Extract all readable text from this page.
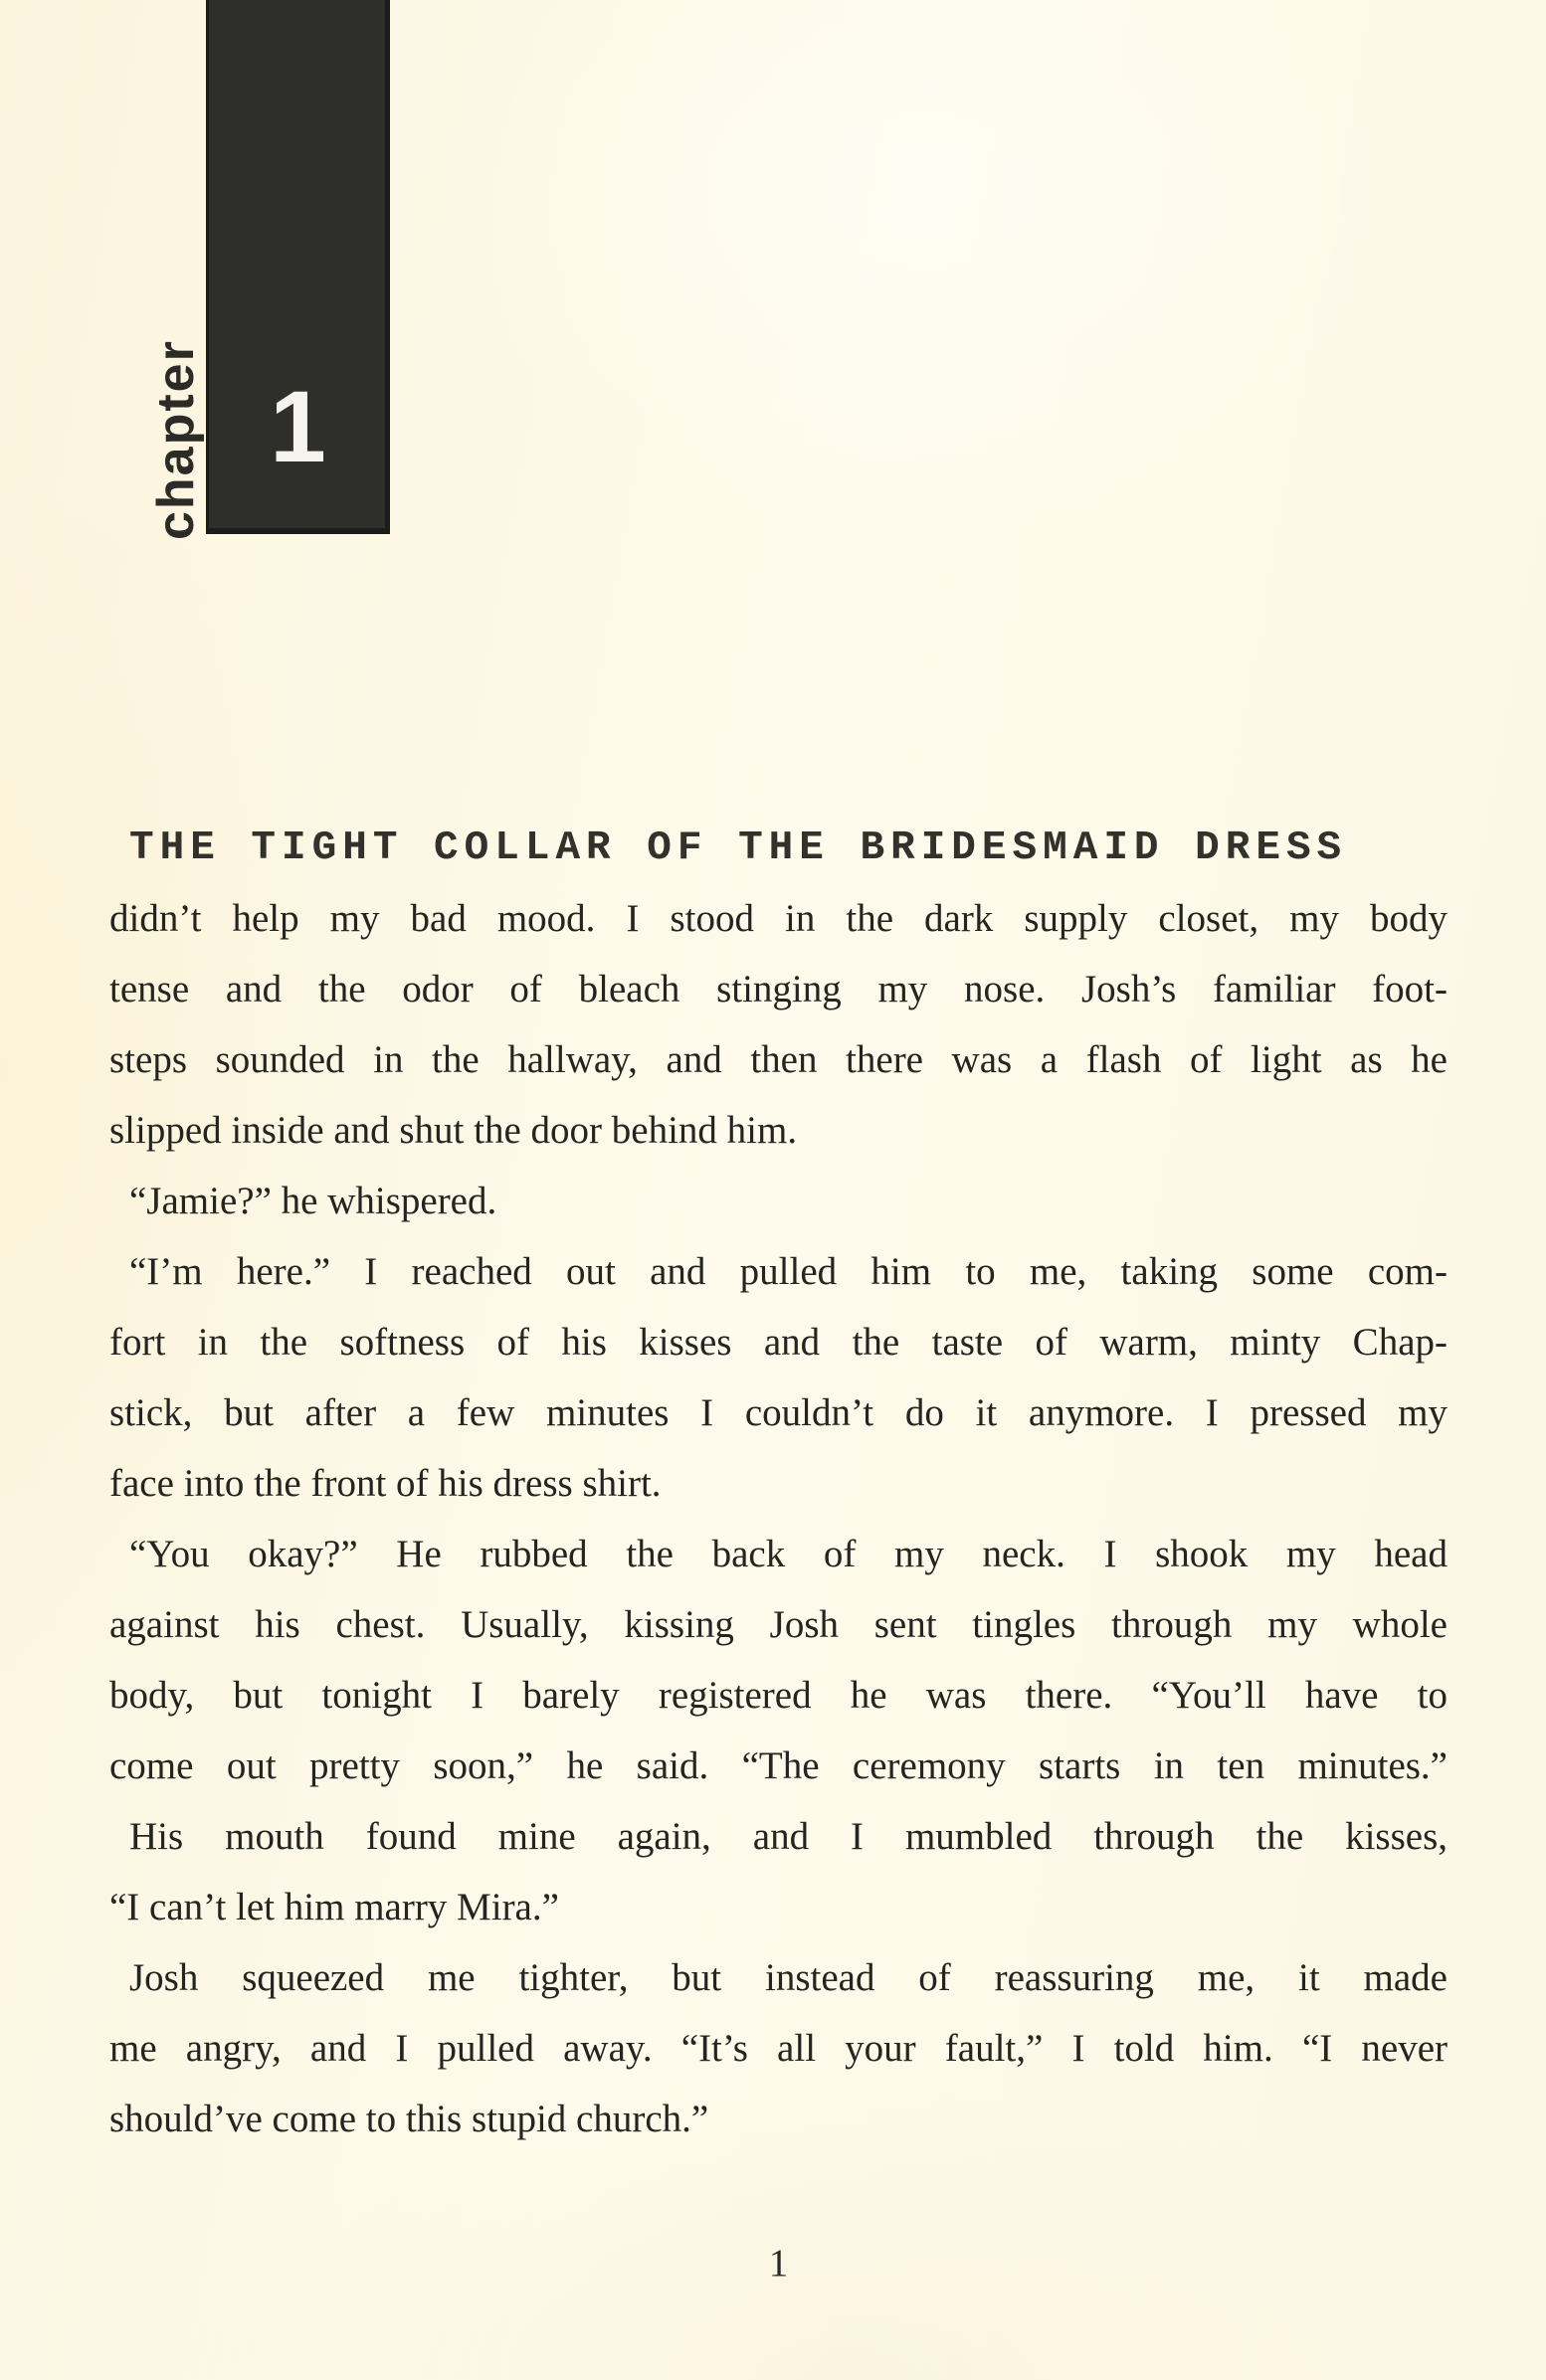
1
chapter
THE TIGHT COLLAR OF THE BRIDESMAID DRESS
didn’t help my bad mood. I stood in the dark supply closet, my body
tense and the odor of bleach stinging my nose. Josh’s familiar foot-
steps sounded in the hallway, and then there was a flash of light as he
slipped inside and shut the door behind him.
“Jamie?” he whispered.
“I’m here.” I reached out and pulled him to me, taking some com-
fort in the softness of his kisses and the taste of warm, minty Chap-
stick, but after a few minutes I couldn’t do it anymore. I pressed my
face into the front of his dress shirt.
“You okay?” He rubbed the back of my neck. I shook my head
against his chest. Usually, kissing Josh sent tingles through my whole
body, but tonight I barely registered he was there. “You’ll have to
come out pretty soon,” he said. “The ceremony starts in ten minutes.”
His mouth found mine again, and I mumbled through the kisses,
“I can’t let him marry Mira.”
Josh squeezed me tighter, but instead of reassuring me, it made
me angry, and I pulled away. “It’s all your fault,” I told him. “I never
should’ve come to this stupid church.”
1
